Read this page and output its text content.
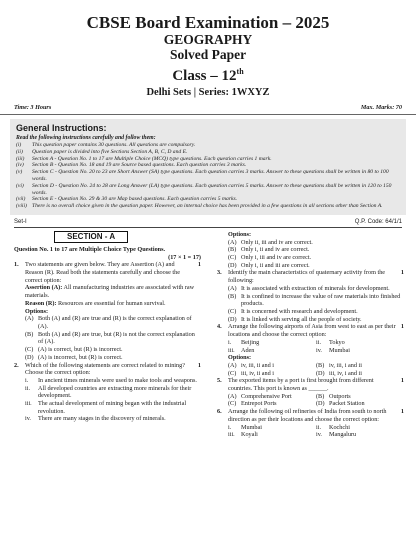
CBSE Board Examination – 2025
GEOGRAPHY
Solved Paper
Class – 12th
Delhi Sets | Series: 1WXYZ
Time: 3 Hours	Max. Marks: 70
General Instructions:
Read the following instructions carefully and follow them:
(i)	This question paper contains 30 questions. All questions are compulsory.
(ii)	Question paper is divided into five Sections Section A, B, C, D and E.
(iii)	Section A - Question No. 1 to 17 are Multiple Choice (MCQ) type questions. Each question carries 1 mark.
(iv)	Section B - Question No. 18 and 19 are Source based questions. Each question carries 3 marks.
(v)	Section C - Question No. 20 to 23 are Short Answer (SA) type questions. Each question carries 3 marks. Answer to these questions shall be written in 80 to 100 words.
(vi)	Section D - Question No. 24 to 28 are Long Answer (LA) type questions. Each question carries 5 marks. Answer to these questions shall be written in 120 to 150 words.
(vii)	Section E - Question No. 29 & 30 are Map based questions. Each question carries 5 marks.
(viii) There is no overall choice given in the question paper. However, an internal choice has been provided in a few questions in all sections other than Section A.
Set-I	Q.P. Code: 64/1/1
SECTION - A
Question No. 1 to 17 are Multiple Choice Type Questions.
(17 × 1 = 17)
1.	Two statements are given below. They are Assertion (A) and Reason (R). Read both the statements carefully and choose the correct option:
1
Assertion (A): All manufacturing industries are associated with raw materials.
Reason (R): Resources are essential for human survival.
Options:
(A) Both (A) and (R) are true and (R) is the correct explanation of (A).
(B) Both (A) and (R) are true, but (R) is not the correct explanation of (A).
(C) (A) is correct, but (R) is incorrect.
(D) (A) is incorrect, but (R) is correct.
2.	Which of the following statements are correct related to mining? Choose the correct option:
1
i.	In ancient times minerals were used to make tools and weapons.
ii.	All developed countries are extracting more minerals for their development.
iii.	The actual development of mining began with the industrial revolution.
iv.	There are many stages in the discovery of minerals.
Options:
(A) Only ii, iii and iv are correct.
(B) Only i, ii and iv are correct.
(C) Only i, iii and iv are correct.
(D) Only i, ii and iii are correct.
3.	Identify the main characteristics of quaternary activity from the following:
1
(A) It is associated with extraction of minerals for development.
(B) It is confined to increase the value of raw materials into finished products.
(C) It is concerned with research and development.
(D) It is linked with serving all the people of society.
4.	Arrange the following airports of Asia from west to east as per their locations and choose the correct option:
1
i.	Beijing	ii.	Tokyo
iii.	Aden	iv.	Mumbai
Options:
(A) iv, iii, ii and i	(B) iv, iii, i and ii
(C) iii, iv, ii and i	(D) iii, iv, i and ii
5.	The exported items by a port is first brought from different countries. This port is known as ______.
1
(A) Comprehensive Port	(B) Outports
(C) Entrepot Ports	(D) Packet Station
6.	Arrange the following oil refineries of India from south to north direction as per their locations and choose the correct option:
1
i.	Mumbai	ii.	Kochchi
iii.	Koyali	iv.	Mangaluru
